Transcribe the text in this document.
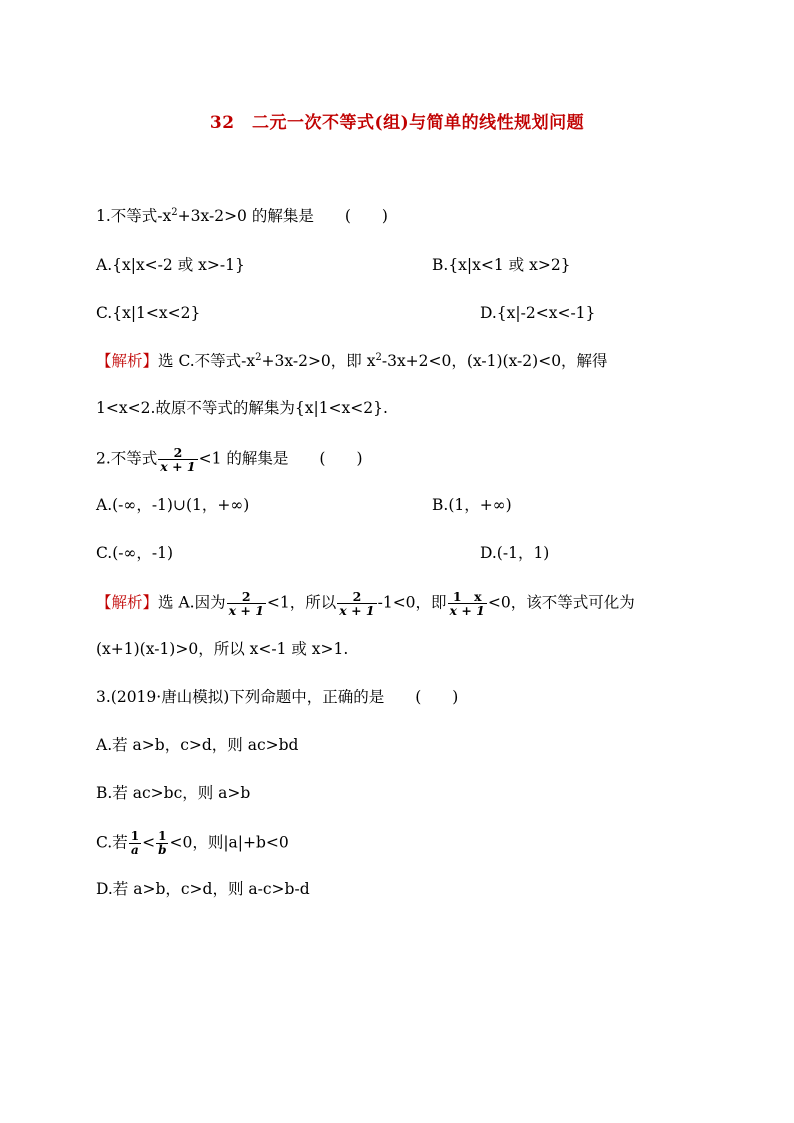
32　二元一次不等式(组)与简单的线性规划问题
1.不等式$-x^2+3x-2>0$ 的解集是　　(　　)
A.{x|x<-2 或 x>-1}	B.{x|x<1 或 x>2}
C.{x|1<x<2}	D.{x|-2<x<-1}
【解析】选 C.不等式$-x^2+3x-2>0$，即 $x^2-3x+2<0$，(x-1)(x-2)<0，解得
1<x<2.故原不等式的解集为{x|1<x<2}.
2.不等式 $\frac{2}{x + 1} <1$ 的解集是　　(　　)
A.(-∞，-1)∪(1，+∞)	B.(1，+∞)
C.(-∞，-1)	D.(-1，1)
【解析】选 A.因为 $\frac{2}{x + 1} <1$，所以 $\frac{2}{x + 1} -1<0$，即 $\frac{1 x}{x + 1} <0$，该不等式可化为
(x+1)(x-1)>0，所以 x<-1 或 x>1.
3.(2019·唐山模拟)下列命题中，正确的是　　(　　)
A.若 a>b，c>d，则 ac>bd
B.若 ac>bc，则 a>b
C.若 $\frac{1}{a} < \frac{1}{b} <0$，则|a|+b<0
D.若 a>b，c>d，则 a-c>b-d
